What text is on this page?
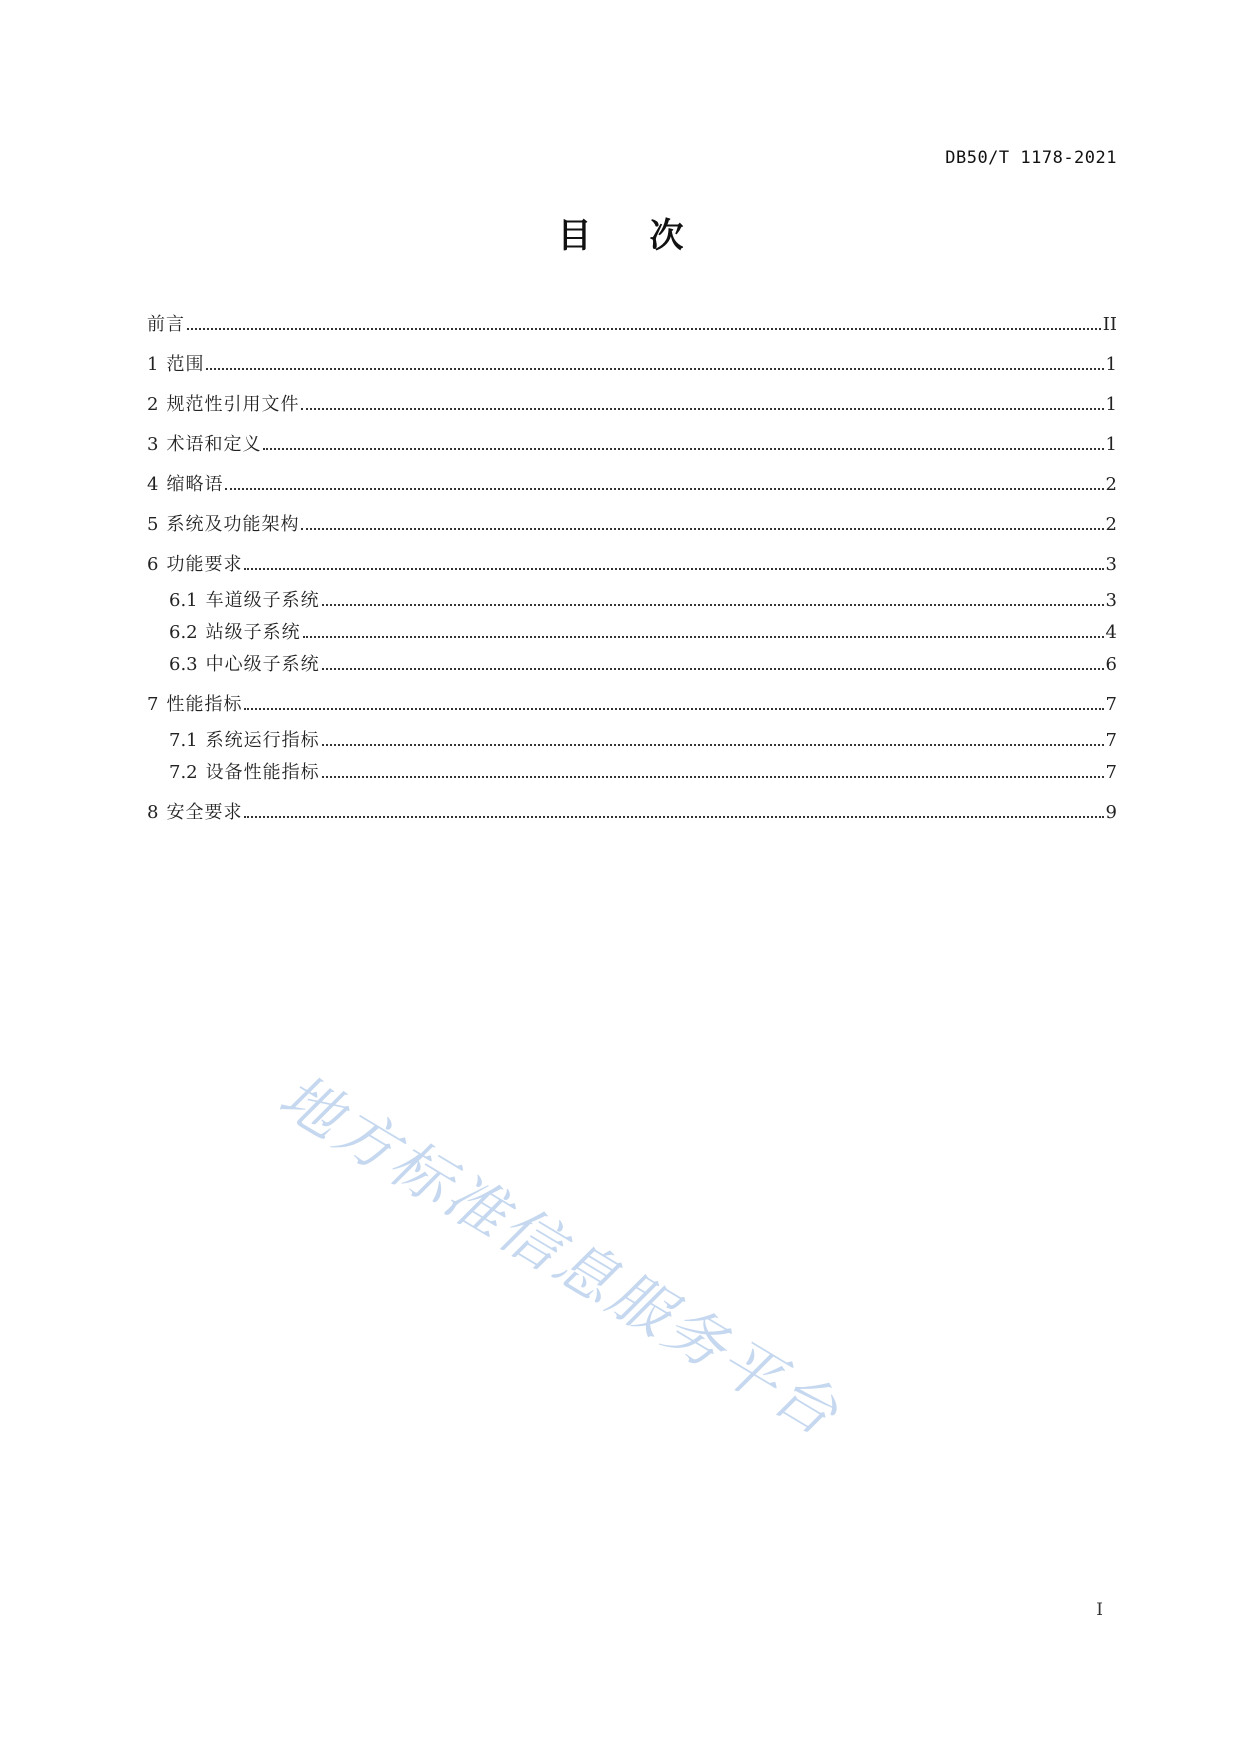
DB50/T 1178-2021
目次
前言	II
1 范围	1
2 规范性引用文件	1
3 术语和定义	1
4 缩略语	2
5 系统及功能架构	2
6 功能要求	3
6.1 车道级子系统	3
6.2 站级子系统	4
6.3 中心级子系统	6
7 性能指标	7
7.1 系统运行指标	7
7.2 设备性能指标	7
8 安全要求	9
地方标准信息服务平台
I
